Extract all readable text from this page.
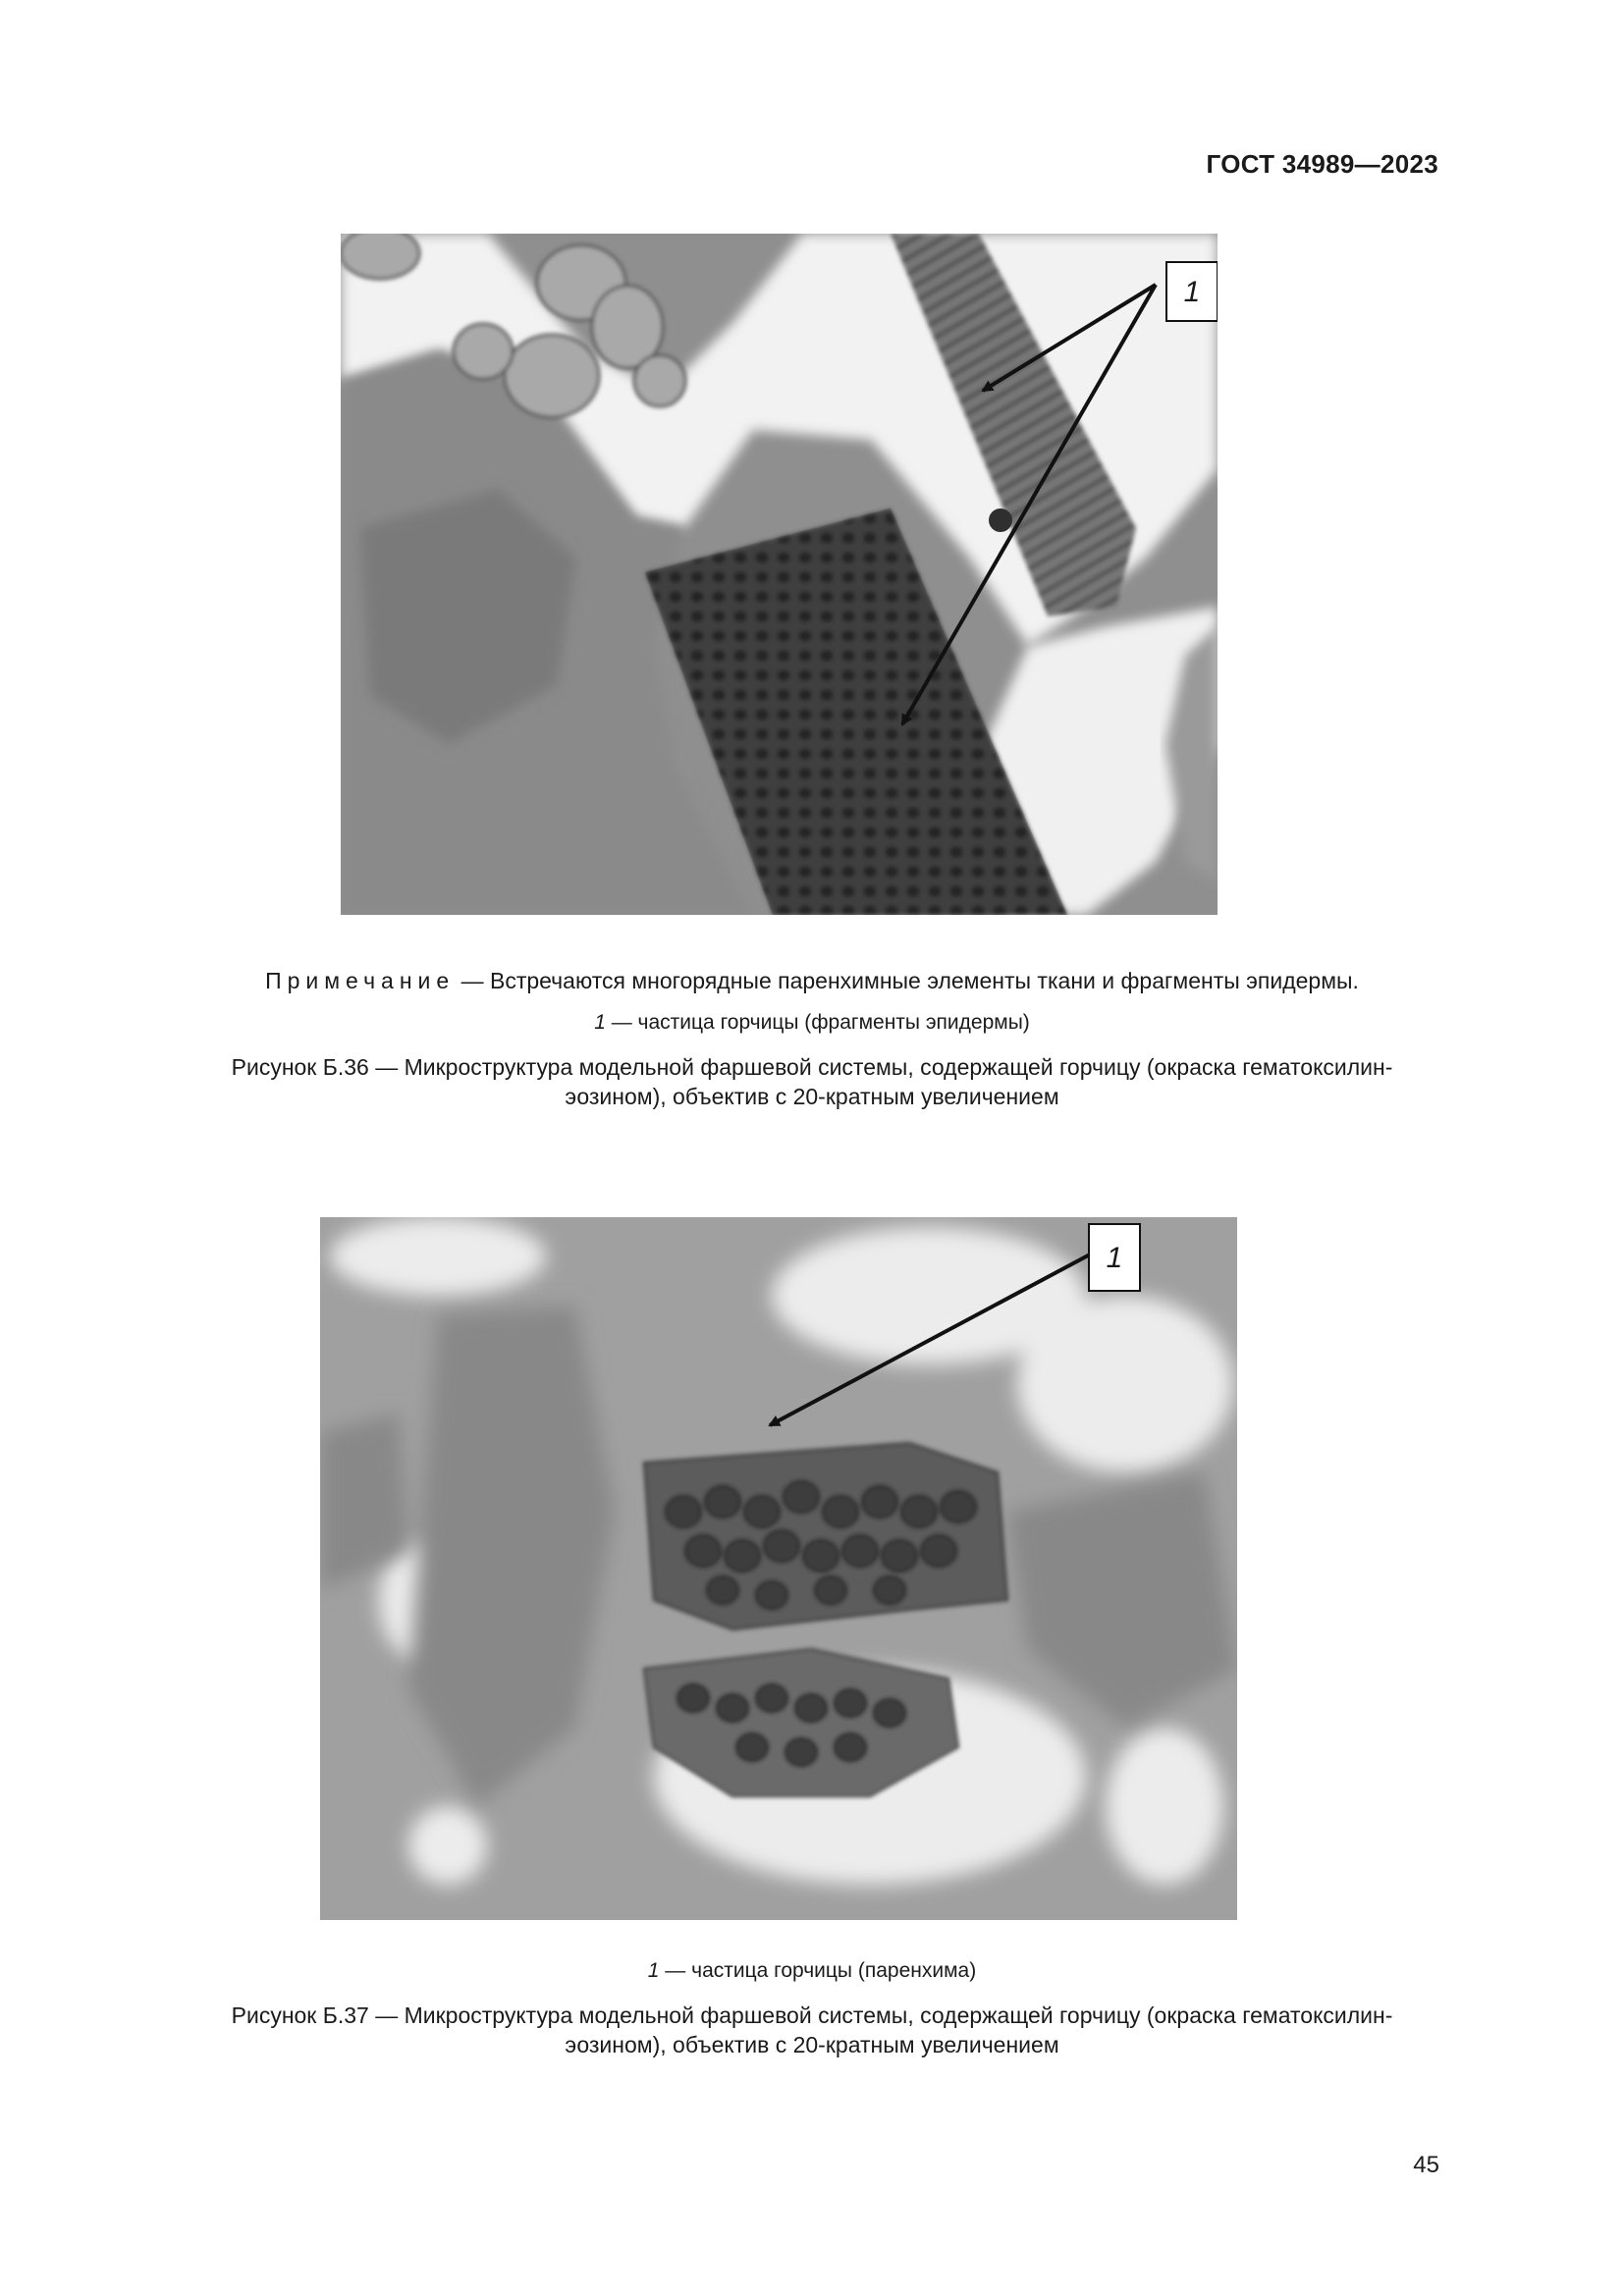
ГОСТ 34989—2023
1
Примечание — Встречаются многорядные паренхимные элементы ткани и фрагменты эпидермы.
1 — частица горчицы (фрагменты эпидермы)
Рисунок Б.36 — Микроструктура модельной фаршевой системы, содержащей горчицу (окраска гематоксилин-
эозином), объектив с 20-кратным увеличением
1
1 — частица горчицы (паренхима)
Рисунок Б.37 — Микроструктура модельной фаршевой системы, содержащей горчицу (окраска гематоксилин-
эозином), объектив с 20-кратным увеличением
45
